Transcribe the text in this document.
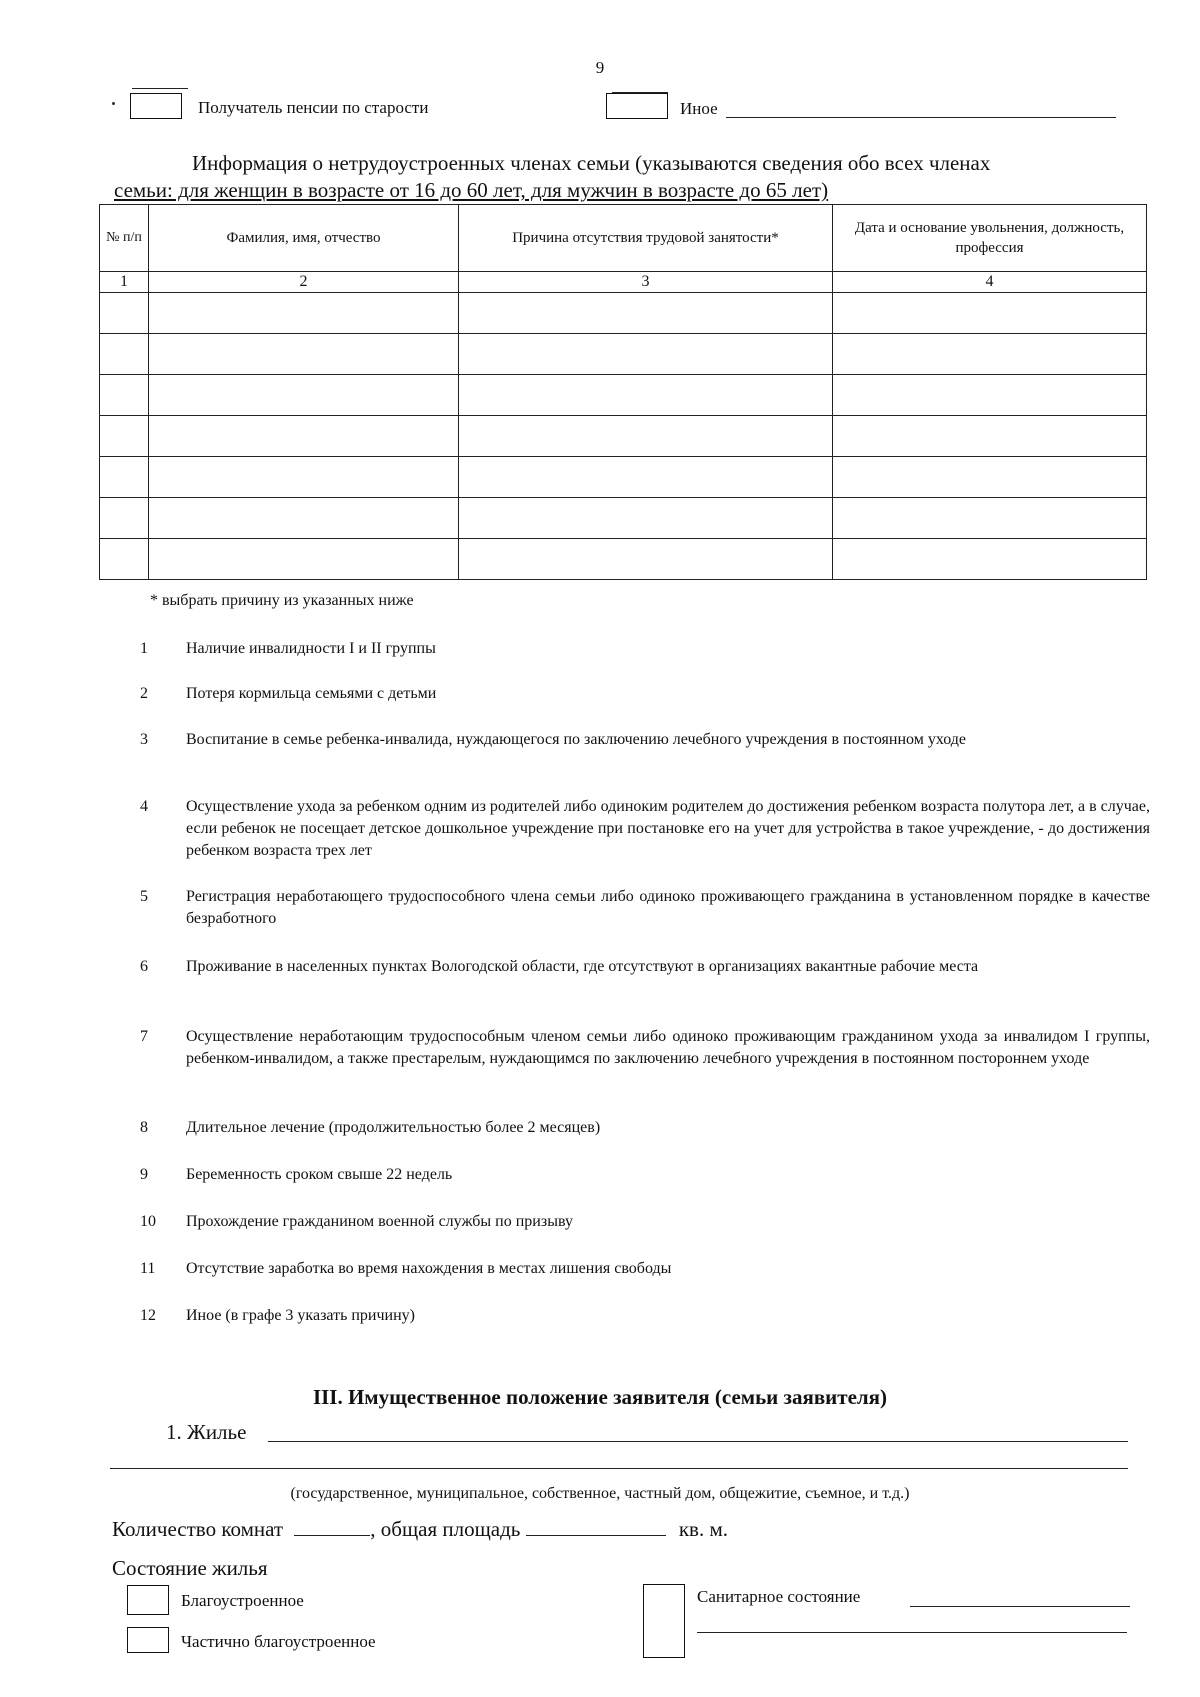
9
Получатель пенсии по старости	Иное
Информация о нетрудоустроенных членах семьи (указываются сведения обо всех членах
семьи: для женщин в возрасте от 16 до 60 лет, для мужчин в возрасте до 65 лет)
№ п/п	Фамилия, имя, отчество	Причина отсутствия трудовой занятости*	Дата и основание увольнения, должность, профессия
1	2	3	4

* выбрать причину из указанных ниже
1	Наличие инвалидности I и II группы
2	Потеря кормильца семьями с детьми
3	Воспитание в семье ребенка-инвалида, нуждающегося по заключению лечебного учреждения в постоянном уходе
4	Осуществление ухода за ребенком одним из родителей либо одиноким родителем до достижения ребенком возраста полутора лет, а в случае, если ребенок не посещает детское дошкольное учреждение при постановке его на учет для устройства в такое учреждение, - до достижения ребенком возраста трех лет
5	Регистрация неработающего трудоспособного члена семьи либо одиноко проживающего гражданина в установленном порядке в качестве безработного
6	Проживание в населенных пунктах Вологодской области, где отсутствуют в организациях вакантные рабочие места
7	Осуществление неработающим трудоспособным членом семьи либо одиноко проживающим гражданином ухода за инвалидом I группы, ребенком-инвалидом, а также престарелым, нуждающимся по заключению лечебного учреждения в постоянном постороннем уходе
8	Длительное лечение (продолжительностью более 2 месяцев)
9	Беременность сроком свыше 22 недель
10	Прохождение гражданином военной службы по призыву
11	Отсутствие заработка во время нахождения в местах лишения свободы
12	Иное (в графе 3 указать причину)
III. Имущественное положение заявителя (семьи заявителя)
1. Жилье
(государственное, муниципальное, собственное, частный дом, общежитие, съемное, и т.д.)
Количество комнат	, общая площадь	кв. м.
Состояние жилья
Благоустроенное
Частично благоустроенное
Санитарное состояние
